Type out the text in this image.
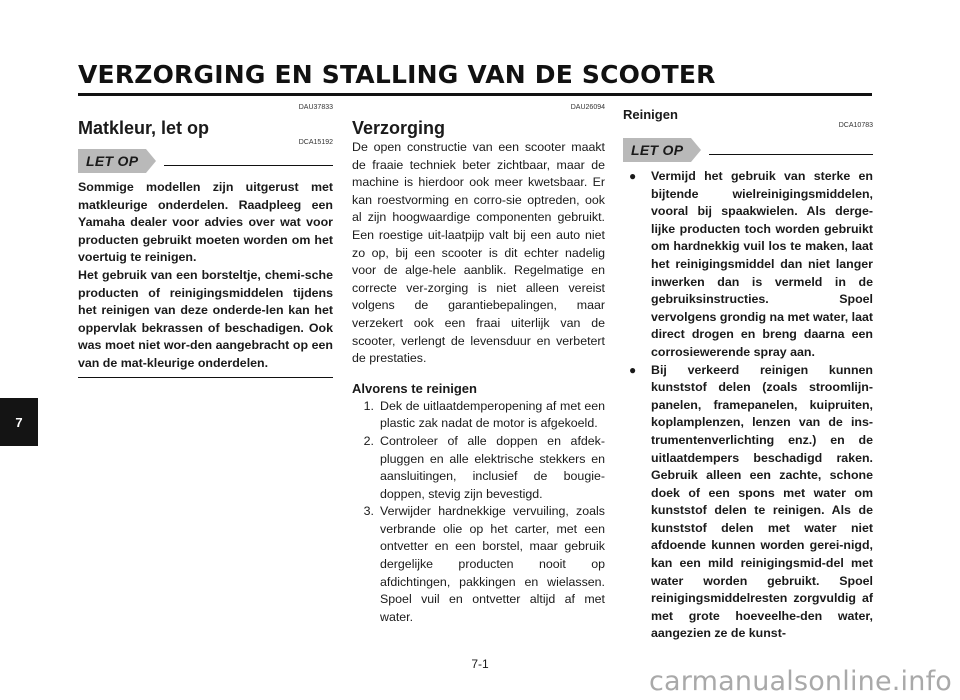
VERZORGING EN STALLING VAN DE SCOOTER
7
DAU37833
Matkleur, let op
DCA15192
LET OP

Sommige modellen zijn uitgerust met matkleurige onderdelen. Raadpleeg een Yamaha dealer voor advies over wat voor producten gebruikt moeten worden om het voertuig te reinigen.

Het gebruik van een borsteltje, chemi-sche producten of reinigingsmiddelen tijdens het reinigen van deze onderde-len kan het oppervlak bekrassen of beschadigen. Ook was moet niet wor-den aangebracht op een van de mat-kleurige onderdelen.

DAU26094
Verzorging

De open constructie van een scooter maakt de fraaie techniek beter zichtbaar, maar de machine is hierdoor ook meer kwetsbaar. Er kan roestvorming en corro-sie optreden, ook al zijn hoogwaardige componenten gebruikt. Een roestige uit-laatpijp valt bij een auto niet zo op, bij een scooter is dit echter nadelig voor de alge-hele aanblik. Regelmatige en correcte ver-zorging is niet alleen vereist volgens de garantiebepalingen, maar verzekert ook een fraai uiterlijk van de scooter, verlengt de levensduur en verbetert de prestaties.

Alvorens te reinigen
1. Dek de uitlaatdemperopening af met een plastic zak nadat de motor is afgekoeld.
2. Controleer of alle doppen en afdek-pluggen en alle elektrische stekkers en aansluitingen, inclusief de bougie-doppen, stevig zijn bevestigd.
3. Verwijder hardnekkige vervuiling, zoals verbrande olie op het carter, met een ontvetter en een borstel, maar gebruik dergelijke producten nooit op afdichtingen, pakkingen en wielassen. Spoel vuil en ontvetter altijd af met water.
Reinigen
DCA10783
LET OP
●	Vermijd het gebruik van sterke en bijtende wielreinigingsmiddelen, vooral bij spaakwielen. Als derge-lijke producten toch worden gebruikt om hardnekkig vuil los te maken, laat het reinigingsmiddel dan niet langer inwerken dan is vermeld in de gebruiksinstructies. Spoel vervolgens grondig na met water, laat direct drogen en breng daarna een corrosiewerende spray aan.
●	Bij verkeerd reinigen kunnen kunststof delen (zoals stroomlijn-panelen, framepanelen, kuipruiten, koplamplenzen, lenzen van de ins-trumentenverlichting enz.) en de uitlaatdempers beschadigd raken. Gebruik alleen een zachte, schone doek of een spons met water om kunststof delen te reinigen. Als de kunststof delen met water niet afdoende kunnen worden gerei-nigd, kan een mild reinigingsmid-del met water worden gebruikt. Spoel reinigingsmiddelresten zorgvuldig af met grote hoeveelhe-den water, aangezien ze de kunst-
7-1
carmanualsonline.info
